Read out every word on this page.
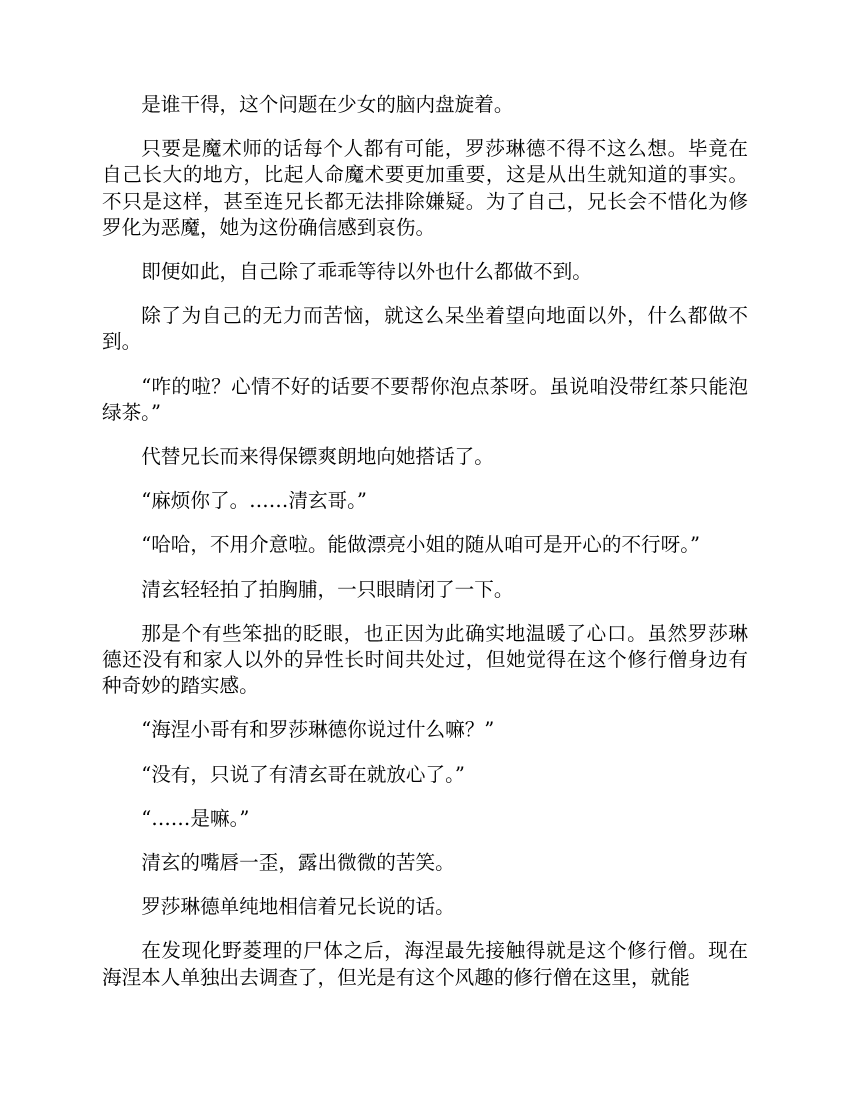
是谁干得，这个问题在少女的脑内盘旋着。

只要是魔术师的话每个人都有可能，罗莎琳德不得不这么想。毕竟在自己长大的地方，比起人命魔术要更加重要，这是从出生就知道的事实。不只是这样，甚至连兄长都无法排除嫌疑。为了自己，兄长会不惜化为修罗化为恶魔，她为这份确信感到哀伤。

即便如此，自己除了乖乖等待以外也什么都做不到。

除了为自己的无力而苦恼，就这么呆坐着望向地面以外，什么都做不到。

“咋的啦？心情不好的话要不要帮你泡点茶呀。虽说咱没带红茶只能泡绿茶。”

代替兄长而来得保镖爽朗地向她搭话了。

“麻烦你了。……清玄哥。”

“哈哈，不用介意啦。能做漂亮小姐的随从咱可是开心的不行呀。”

清玄轻轻拍了拍胸脯，一只眼睛闭了一下。

那是个有些笨拙的眨眼，也正因为此确实地温暖了心口。虽然罗莎琳德还没有和家人以外的异性长时间共处过，但她觉得在这个修行僧身边有种奇妙的踏实感。

“海涅小哥有和罗莎琳德你说过什么嘛？”

“没有，只说了有清玄哥在就放心了。”

“……是嘛。”

清玄的嘴唇一歪，露出微微的苦笑。

罗莎琳德单纯地相信着兄长说的话。

在发现化野菱理的尸体之后，海涅最先接触得就是这个修行僧。现在海涅本人单独出去调查了，但光是有这个风趣的修行僧在这里，就能
